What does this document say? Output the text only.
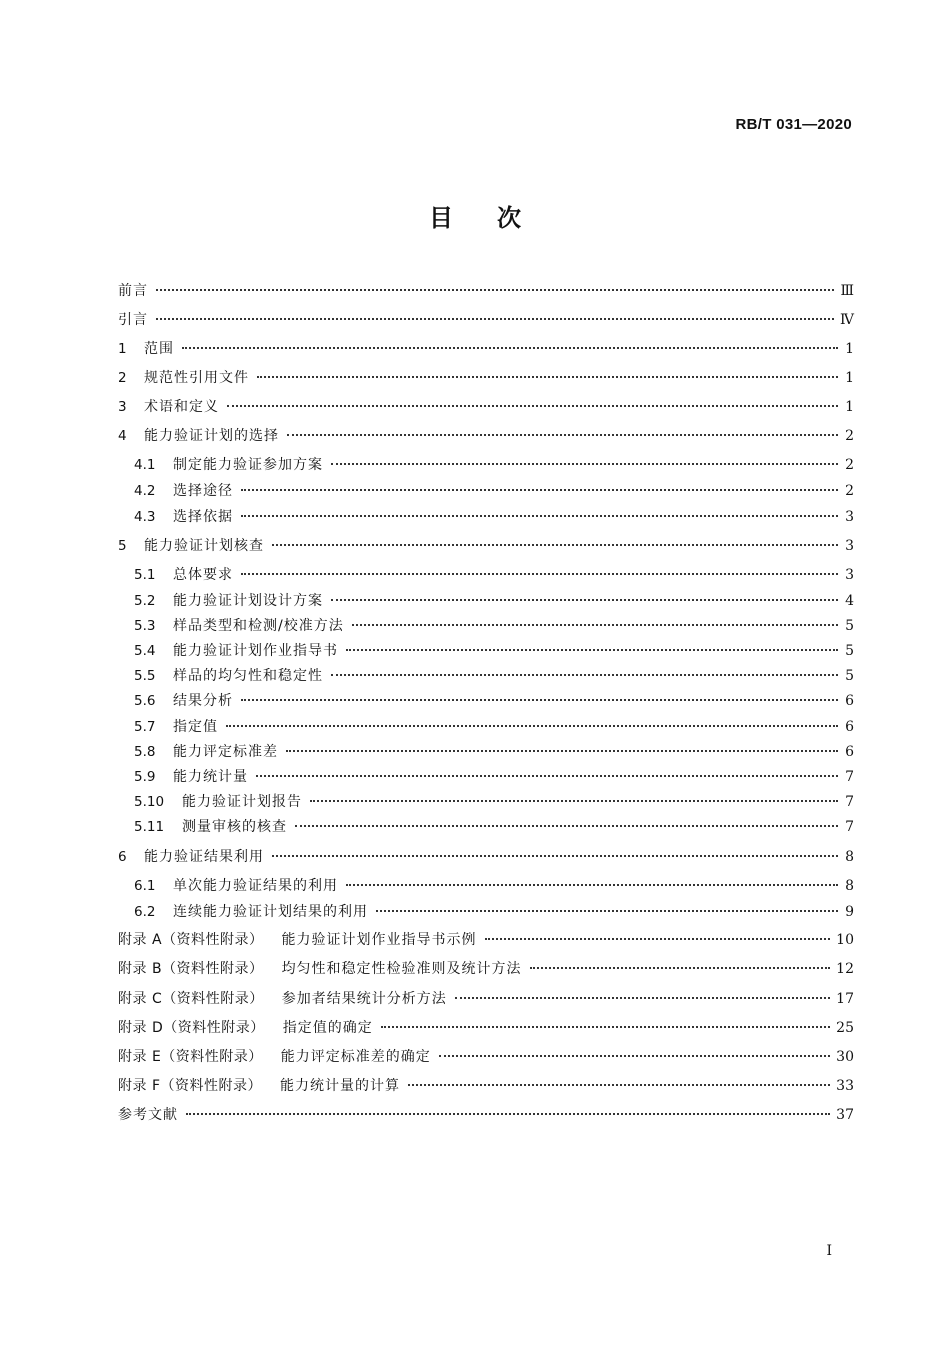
RB/T 031—2020
目 次
前言	Ⅲ
引言	Ⅳ
1	范围	1
2	规范性引用文件	1
3	术语和定义	1
4	能力验证计划的选择	2
4.1	制定能力验证参加方案	2
4.2	选择途径	2
4.3	选择依据	3
5	能力验证计划核查	3
5.1	总体要求	3
5.2	能力验证计划设计方案	4
5.3	样品类型和检测/校准方法	5
5.4	能力验证计划作业指导书	5
5.5	样品的均匀性和稳定性	5
5.6	结果分析	6
5.7	指定值	6
5.8	能力评定标准差	6
5.9	能力统计量	7
5.10	能力验证计划报告	7
5.11	测量审核的核查	7
6	能力验证结果利用	8
6.1	单次能力验证结果的利用	8
6.2	连续能力验证计划结果的利用	9
附录 A（资料性附录） 能力验证计划作业指导书示例	10
附录 B（资料性附录） 均匀性和稳定性检验准则及统计方法	12
附录 C（资料性附录） 参加者结果统计分析方法	17
附录 D（资料性附录） 指定值的确定	25
附录 E（资料性附录） 能力评定标准差的确定	30
附录 F（资料性附录） 能力统计量的计算	33
参考文献	37
I
